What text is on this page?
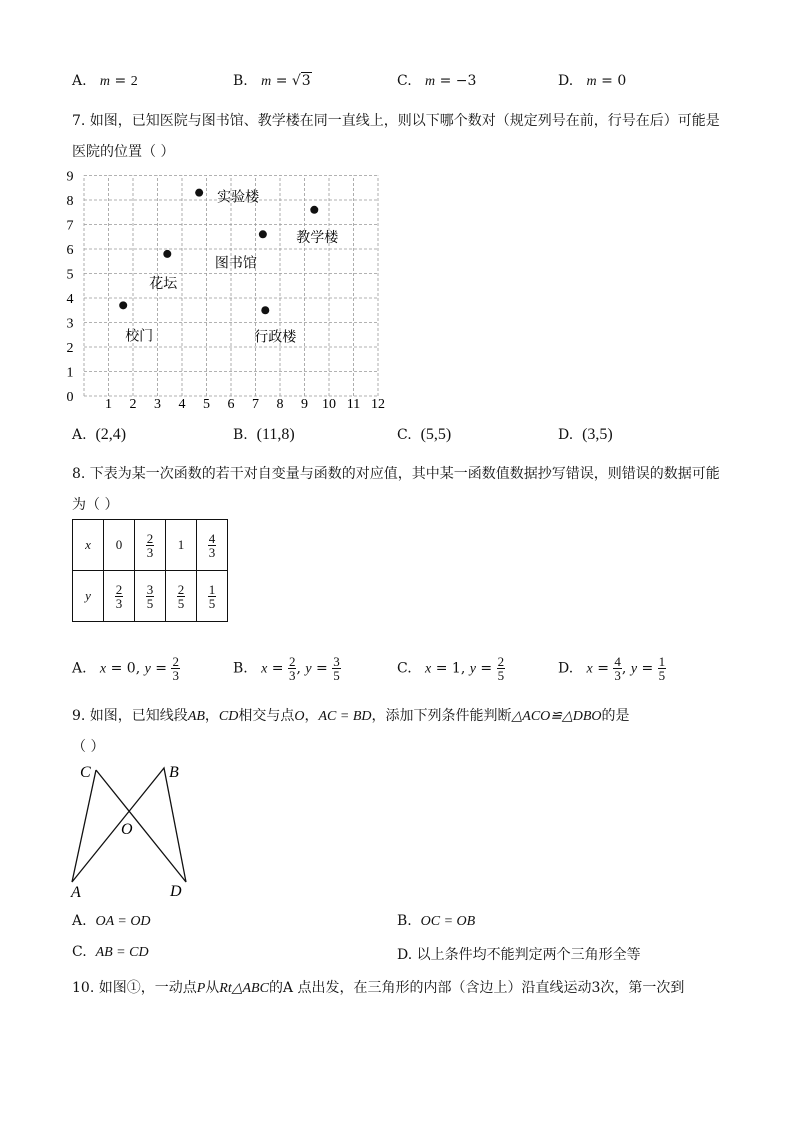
A. m = 2	B. m = √3	C. m = −3	D. m = 0
7. 如图，已知医院与图书馆、教学楼在同一直线上，则以下哪个数对（规定列号在前，行号在后）可能是
医院的位置（ ）
1 2 3 4 5 6 7 8 9 10 11 12
0
1
2
3
4
5
6
7
8
9
实验楼
教学楼
图书馆
花坛
校门	行政楼
A. (2,4)	B. (11,8)	C. (5,5)	D. (3,5)
8. 下表为某一次函数的若干对自变量与函数的对应值，其中某一函数值数据抄写错误，则错误的数据可能
为（ ）
x	0	$\frac{2}{3}$	1	$\frac{4}{3}$

y	$\frac{2}{3}$	$\frac{3}{5}$	$\frac{2}{5}$	$\frac{1}{5}$
A. x = 0, $y = \frac{2}{3}$	B. $x = \frac{2}{3}$ , $y = \frac{3}{5}$	C. x = 1, $y = \frac{2}{5}$	D. $x = \frac{4}{3}$ , $y = \frac{1}{5}$
9. 如图，已知线段AB，CD相交与点O，AC = BD，添加下列条件能判断△ACO≌△DBO的是
（ ）
C	B
O
A	D
A. OA = OD	B. OC = OB
C. AB = CD	D. 以上条件均不能判定两个三角形全等
10. 如图①，一动点P从Rt△ABC的A 点出发，在三角形的内部（含边上）沿直线运动3次，第一次到
